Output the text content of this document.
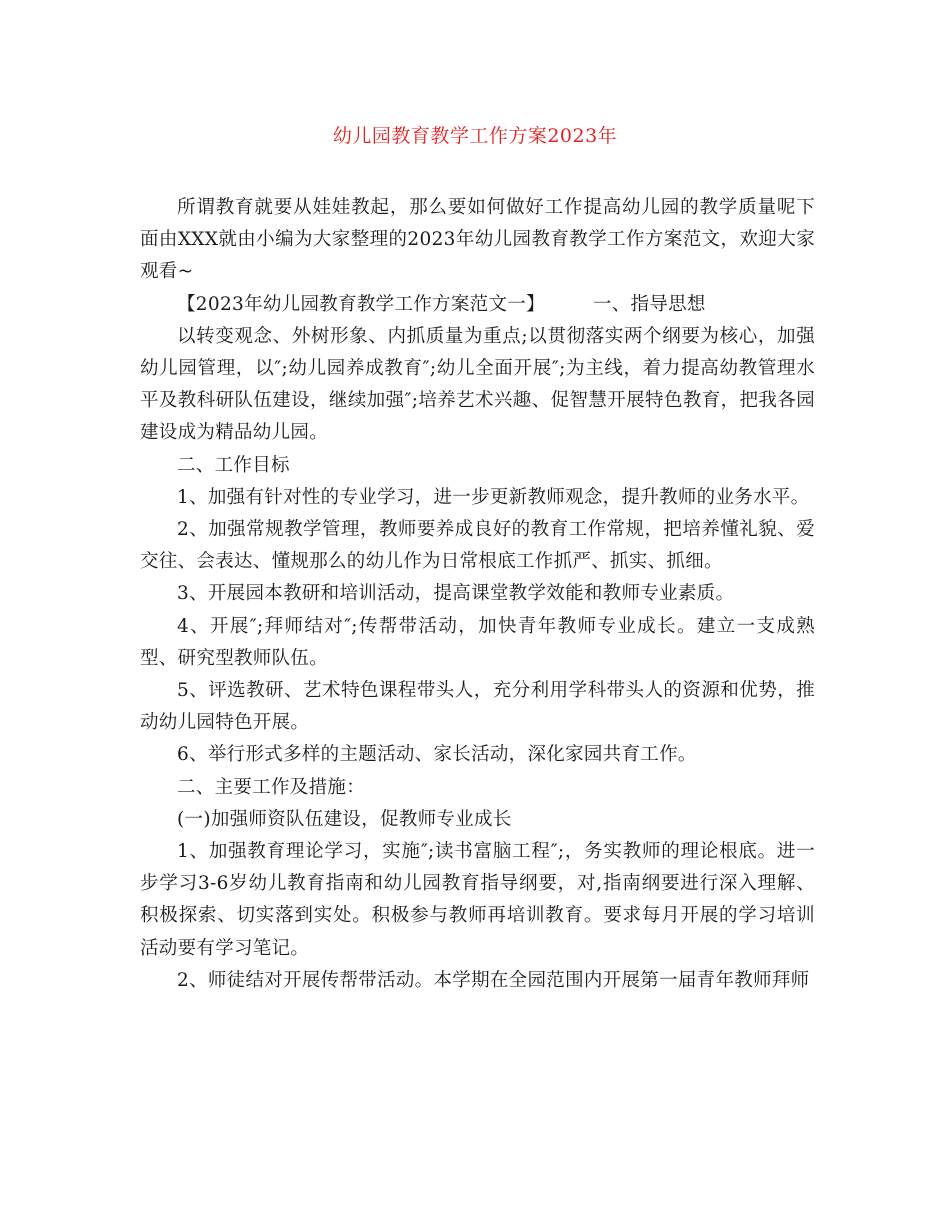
幼儿园教育教学工作方案2023年

所谓教育就要从娃娃教起，那么要如何做好工作提高幼儿园的教学质量呢下面由XXX就由小编为大家整理的2023年幼儿园教育教学工作方案范文，欢迎大家观看~

【2023年幼儿园教育教学工作方案范文一】	一、指导思想

以转变观念、外树形象、内抓质量为重点;以贯彻落实两个纲要为核心，加强幼儿园管理，以″;幼儿园养成教育″;幼儿全面开展″;为主线，着力提高幼教管理水平及教科研队伍建设，继续加强″;培养艺术兴趣、促智慧开展特色教育，把我各园建设成为精品幼儿园。

二、工作目标

1、加强有针对性的专业学习，进一步更新教师观念，提升教师的业务水平。

2、加强常规教学管理，教师要养成良好的教育工作常规，把培养懂礼貌、爱交往、会表达、懂规那么的幼儿作为日常根底工作抓严、抓实、抓细。

3、开展园本教研和培训活动，提高课堂教学效能和教师专业素质。

4、开展″;拜师结对″;传帮带活动，加快青年教师专业成长。建立一支成熟型、研究型教师队伍。

5、评选教研、艺术特色课程带头人，充分利用学科带头人的资源和优势，推动幼儿园特色开展。

6、举行形式多样的主题活动、家长活动，深化家园共育工作。

二、主要工作及措施：

(一)加强师资队伍建设，促教师专业成长

1、加强教育理论学习，实施″;读书富脑工程″;，务实教师的理论根底。进一步学习3-6岁幼儿教育指南和幼儿园教育指导纲要，对,指南纲要进行深入理解、积极探索、切实落到实处。积极参与教师再培训教育。要求每月开展的学习培训活动要有学习笔记。

2、师徒结对开展传帮带活动。本学期在全园范围内开展第一届青年教师拜师
